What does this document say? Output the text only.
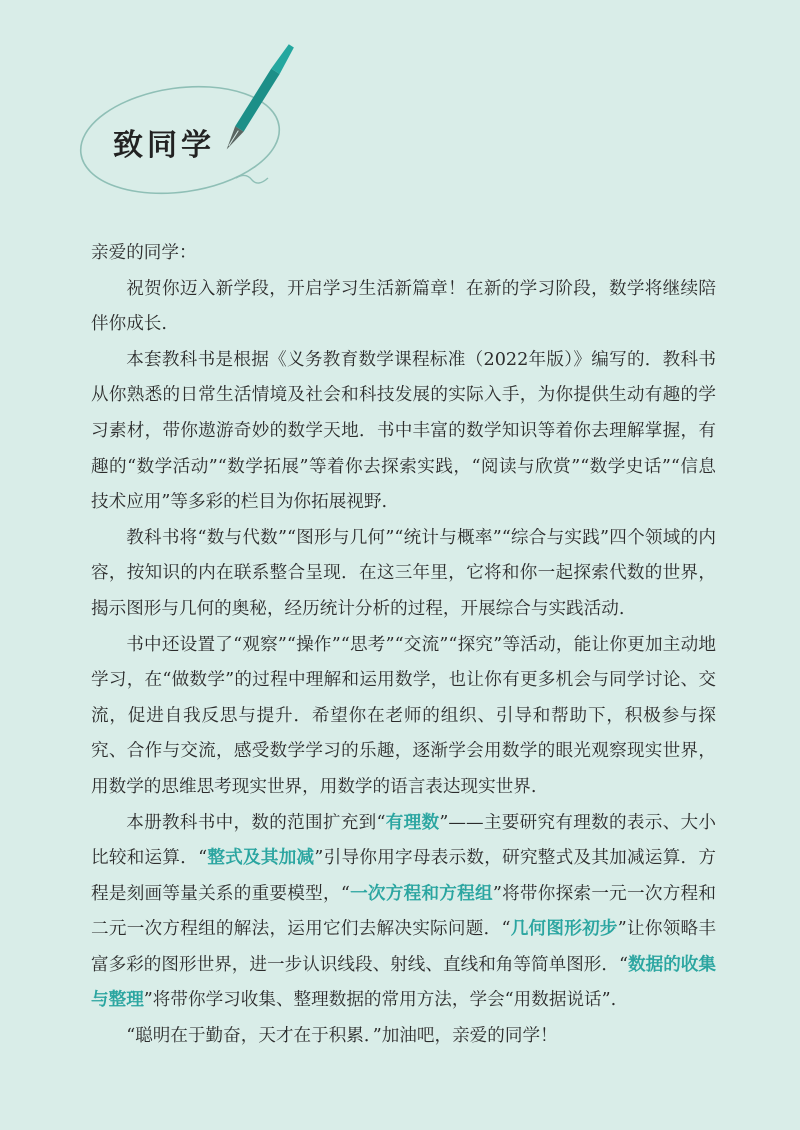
致同学

亲爱的同学：

祝贺你迈入新学段，开启学习生活新篇章！在新的学习阶段，数学将继续陪伴你成长.

本套教科书是根据《义务教育数学课程标准（2022年版）》编写的．教科书从你熟悉的日常生活情境及社会和科技发展的实际入手，为你提供生动有趣的学习素材，带你遨游奇妙的数学天地．书中丰富的数学知识等着你去理解掌握，有趣的“数学活动”“数学拓展”等着你去探索实践，“阅读与欣赏”“数学史话”“信息技术应用”等多彩的栏目为你拓展视野.

教科书将“数与代数”“图形与几何”“统计与概率”“综合与实践”四个领域的内容，按知识的内在联系整合呈现．在这三年里，它将和你一起探索代数的世界，揭示图形与几何的奥秘，经历统计分析的过程，开展综合与实践活动.

书中还设置了“观察”“操作”“思考”“交流”“探究”等活动，能让你更加主动地学习，在“做数学”的过程中理解和运用数学，也让你有更多机会与同学讨论、交流，促进自我反思与提升．希望你在老师的组织、引导和帮助下，积极参与探究、合作与交流，感受数学学习的乐趣，逐渐学会用数学的眼光观察现实世界，用数学的思维思考现实世界，用数学的语言表达现实世界.

本册教科书中，数的范围扩充到“有理数”——主要研究有理数的表示、大小比较和运算．“整式及其加减”引导你用字母表示数，研究整式及其加减运算．方程是刻画等量关系的重要模型，“一次方程和方程组”将带你探索一元一次方程和二元一次方程组的解法，运用它们去解决实际问题．“几何图形初步”让你领略丰富多彩的图形世界，进一步认识线段、射线、直线和角等简单图形．“数据的收集与整理”将带你学习收集、整理数据的常用方法，学会“用数据说话”.

“聪明在于勤奋，天才在于积累．”加油吧，亲爱的同学！
